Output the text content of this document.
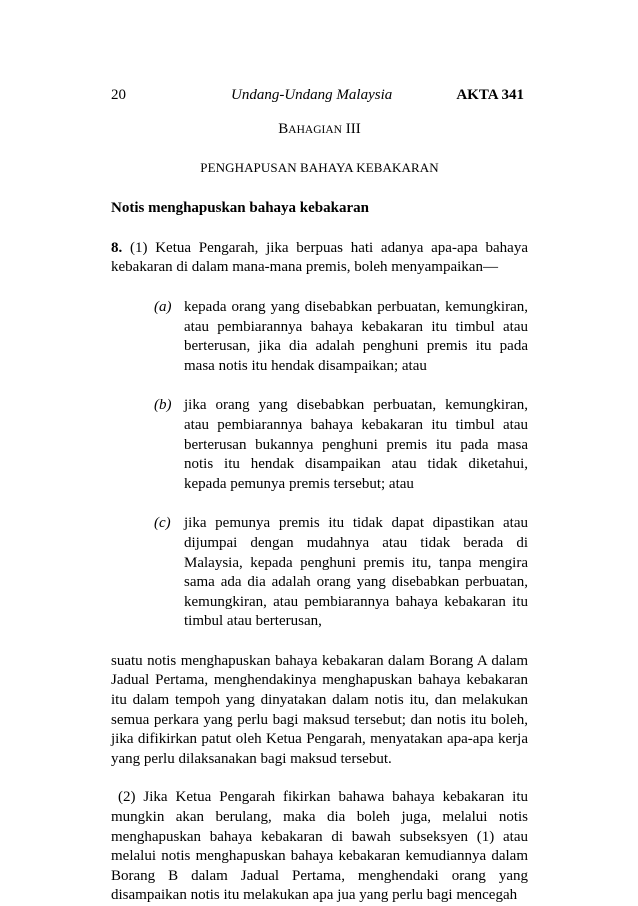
20	Undang-Undang Malaysia	AKTA 341
BAHAGIAN III
PENGHAPUSAN BAHAYA KEBAKARAN
Notis menghapuskan bahaya kebakaran

8. (1) Ketua Pengarah, jika berpuas hati adanya apa-apa bahaya kebakaran di dalam mana-mana premis, boleh menyampaikan—

(a) kepada orang yang disebabkan perbuatan, kemungkiran, atau pembiarannya bahaya kebakaran itu timbul atau berterusan, jika dia adalah penghuni premis itu pada masa notis itu hendak disampaikan; atau
(b) jika orang yang disebabkan perbuatan, kemungkiran, atau pembiarannya bahaya kebakaran itu timbul atau berterusan bukannya penghuni premis itu pada masa notis itu hendak disampaikan atau tidak diketahui, kepada pemunya premis tersebut; atau
(c) jika pemunya premis itu tidak dapat dipastikan atau dijumpai dengan mudahnya atau tidak berada di Malaysia, kepada penghuni premis itu, tanpa mengira sama ada dia adalah orang yang disebabkan perbuatan, kemungkiran, atau pembiarannya bahaya kebakaran itu timbul atau berterusan,

suatu notis menghapuskan bahaya kebakaran dalam Borang A dalam Jadual Pertama, menghendakinya menghapuskan bahaya kebakaran itu dalam tempoh yang dinyatakan dalam notis itu, dan melakukan semua perkara yang perlu bagi maksud tersebut; dan notis itu boleh, jika difikirkan patut oleh Ketua Pengarah, menyatakan apa-apa kerja yang perlu dilaksanakan bagi maksud tersebut.

(2) Jika Ketua Pengarah fikirkan bahawa bahaya kebakaran itu mungkin akan berulang, maka dia boleh juga, melalui notis menghapuskan bahaya kebakaran di bawah subseksyen (1) atau melalui notis menghapuskan bahaya kebakaran kemudiannya dalam Borang B dalam Jadual Pertama, menghendaki orang yang disampaikan notis itu melakukan apa jua yang perlu bagi mencegah
